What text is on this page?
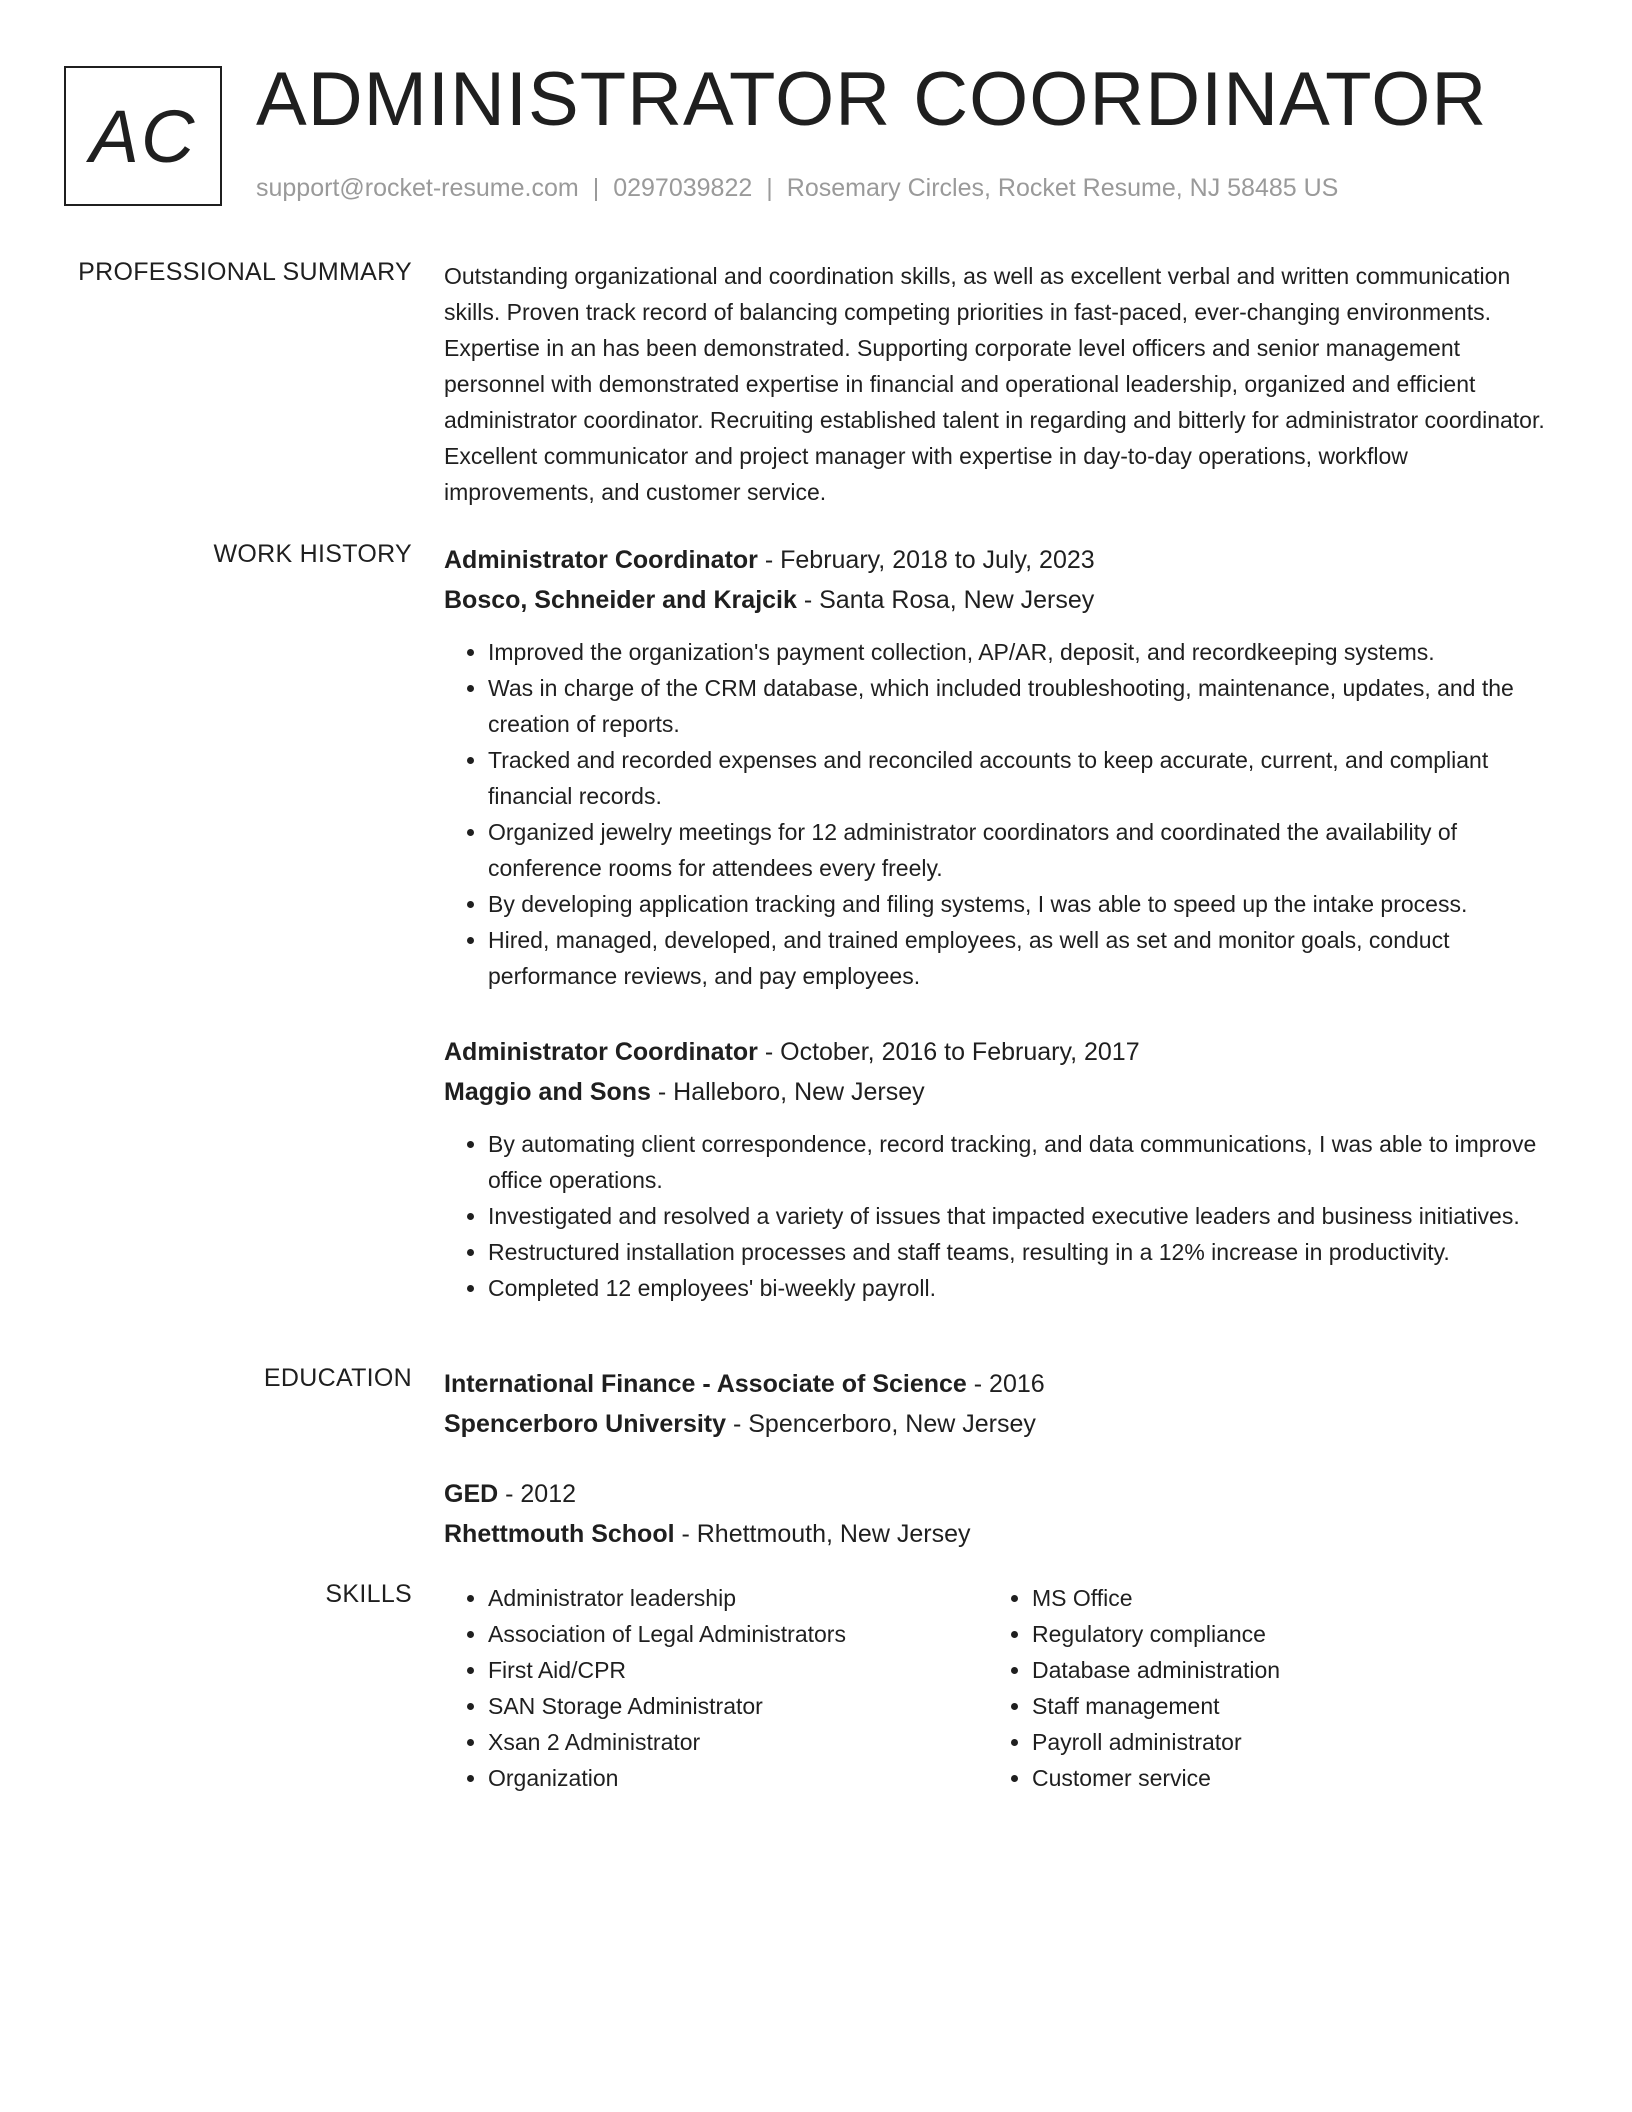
AC ADMINISTRATOR COORDINATOR
support@rocket-resume.com | 0297039822 | Rosemary Circles, Rocket Resume, NJ 58485 US
PROFESSIONAL SUMMARY Outstanding organizational and coordination skills, as well as excellent verbal and written communication skills. Proven track record of balancing competing priorities in fast-paced, ever-changing environments. Expertise in an has been demonstrated. Supporting corporate level officers and senior management personnel with demonstrated expertise in financial and operational leadership, organized and efficient administrator coordinator. Recruiting established talent in regarding and bitterly for administrator coordinator. Excellent communicator and project manager with expertise in day-to-day operations, workflow improvements, and customer service.

WORK HISTORY Administrator Coordinator - February, 2018 to July, 2023
Bosco, Schneider and Krajcik - Santa Rosa, New Jersey
• Improved the organization's payment collection, AP/AR, deposit, and recordkeeping systems.
• Was in charge of the CRM database, which included troubleshooting, maintenance, updates, and the creation of reports.
• Tracked and recorded expenses and reconciled accounts to keep accurate, current, and compliant financial records.
• Organized jewelry meetings for 12 administrator coordinators and coordinated the availability of conference rooms for attendees every freely.
• By developing application tracking and filing systems, I was able to speed up the intake process.
• Hired, managed, developed, and trained employees, as well as set and monitor goals, conduct performance reviews, and pay employees.
Administrator Coordinator - October, 2016 to February, 2017
Maggio and Sons - Halleboro, New Jersey
• By automating client correspondence, record tracking, and data communications, I was able to improve office operations.
• Investigated and resolved a variety of issues that impacted executive leaders and business initiatives.
• Restructured installation processes and staff teams, resulting in a 12% increase in productivity.
• Completed 12 employees' bi-weekly payroll.
EDUCATION International Finance - Associate of Science - 2016
Spencerboro University - Spencerboro, New Jersey
GED - 2012
Rhettmouth School - Rhettmouth, New Jersey
SKILLS
•	Administrator leadership
• Association of Legal Administrators
• First Aid/CPR
• SAN Storage Administrator
• Xsan 2 Administrator
• Organization
• MS Office
• Regulatory compliance
• Database administration
• Staff management
• Payroll administrator
• Customer service
